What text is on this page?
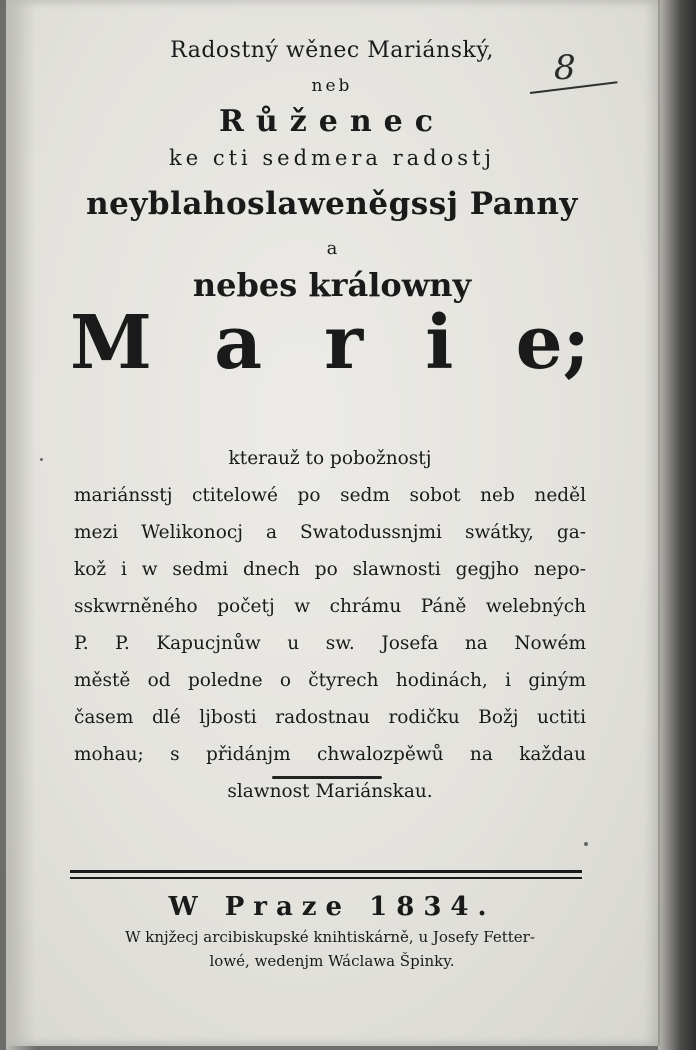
8
Radostný wěnec Mariánský,
neb
Růženec
ke cti sedmera radostj
neyblahoslaweněgssj Panny
a
nebes králowny
M a r i e;
kterauž to pobožnostj
mariánsstj ctitelowé po sedm sobot neb neděl
mezi Welikonocj a Swatodussnjmi swátky, ga-
kož i w sedmi dnech po slawnosti gegjho nepo-
sskwrněného početj w chrámu Páně welebných
P. P. Kapucjnůw u sw. Josefa na Nowém
městě od poledne o čtyrech hodinách, i giným
časem dlé ljbosti radostnau rodičku Božj uctiti
mohau; s přidánjm chwalozpěwů na každau
slawnost Mariánskau.
W Praze 1834.
W knjžecj arcibiskupské knihtiskárně, u Josefy Fetter-
lowé, wedenjm Wáclawa Špinky.
